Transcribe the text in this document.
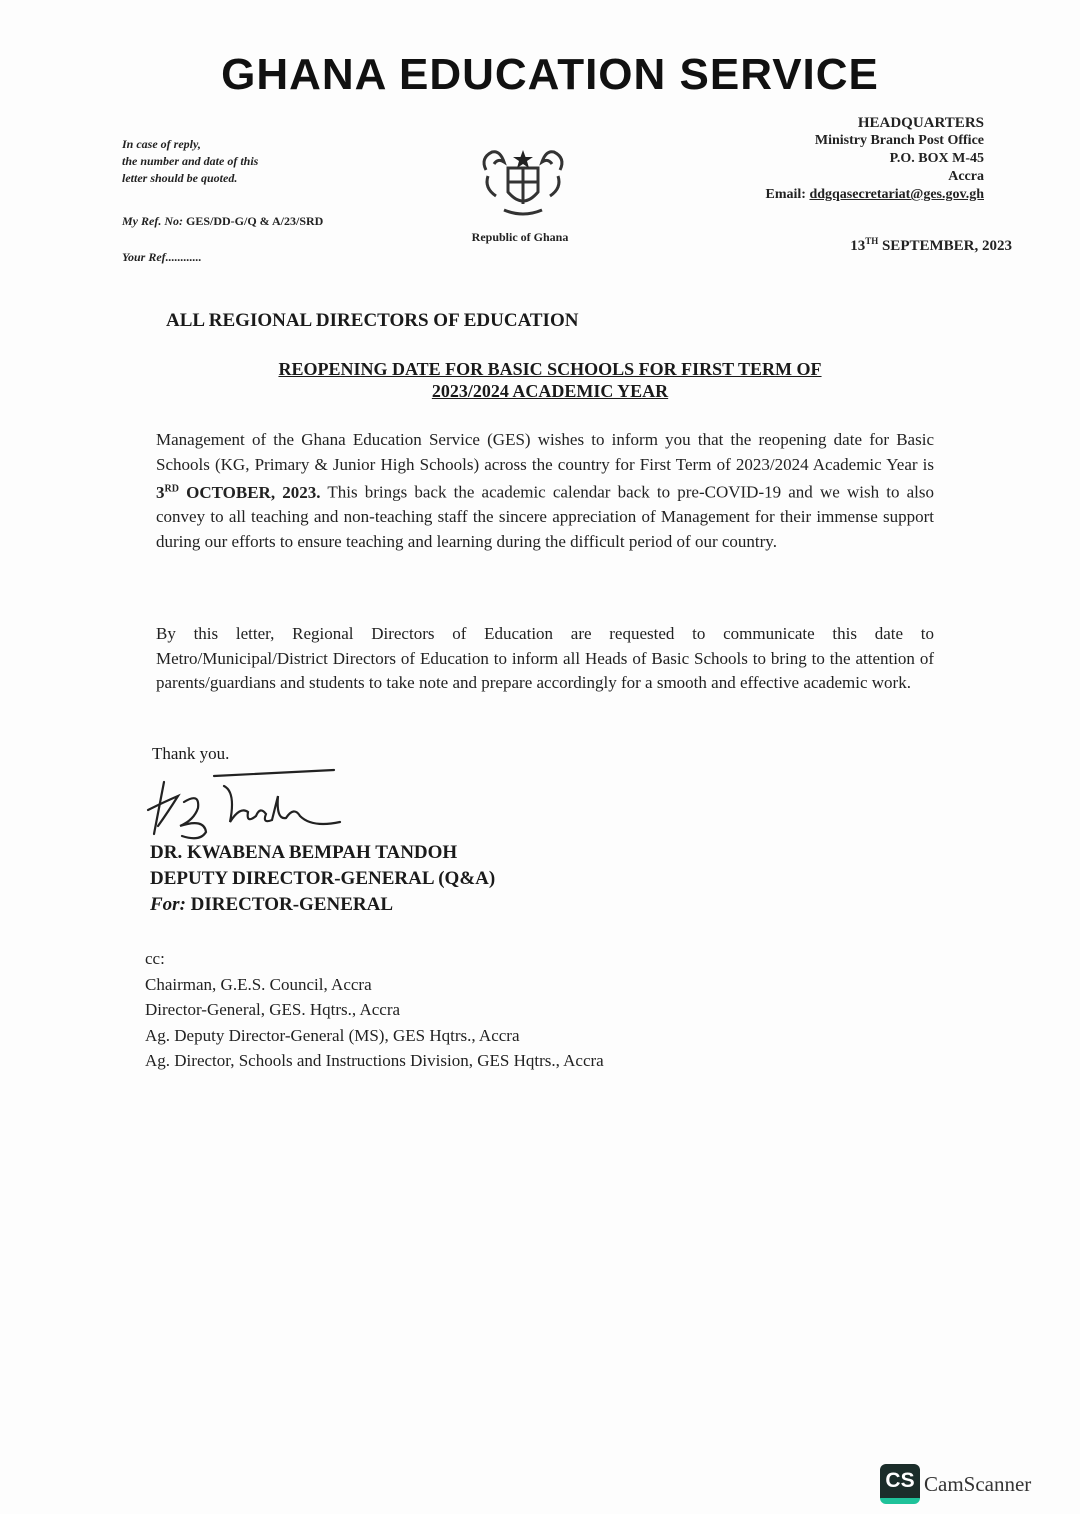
GHANA EDUCATION SERVICE
In case of reply,
the number and date of this
letter should be quoted.
My Ref. No: GES/DD-G/Q & A/23/SRD
Your Ref............
Republic of Ghana
HEADQUARTERS
Ministry Branch Post Office
P.O. BOX M-45
Accra
Email: ddgqasecretariat@ges.gov.gh
13TH SEPTEMBER, 2023
ALL REGIONAL DIRECTORS OF EDUCATION
REOPENING DATE FOR BASIC SCHOOLS FOR FIRST TERM OF
2023/2024 ACADEMIC YEAR
Management of the Ghana Education Service (GES) wishes to inform you that the reopening date for Basic Schools (KG, Primary & Junior High Schools) across the country for First Term of 2023/2024 Academic Year is 3RD OCTOBER, 2023. This brings back the academic calendar back to pre-COVID-19 and we wish to also convey to all teaching and non-teaching staff the sincere appreciation of Management for their immense support during our efforts to ensure teaching and learning during the difficult period of our country.
By this letter, Regional Directors of Education are requested to communicate this date to Metro/Municipal/District Directors of Education to inform all Heads of Basic Schools to bring to the attention of parents/guardians and students to take note and prepare accordingly for a smooth and effective academic work.
Thank you.
DR. KWABENA BEMPAH TANDOH
DEPUTY DIRECTOR-GENERAL (Q&A)
For: DIRECTOR-GENERAL
cc:
Chairman, G.E.S. Council, Accra
Director-General, GES. Hqtrs., Accra
Ag. Deputy Director-General (MS), GES Hqtrs., Accra
Ag. Director, Schools and Instructions Division, GES Hqtrs., Accra
CS CamScanner
